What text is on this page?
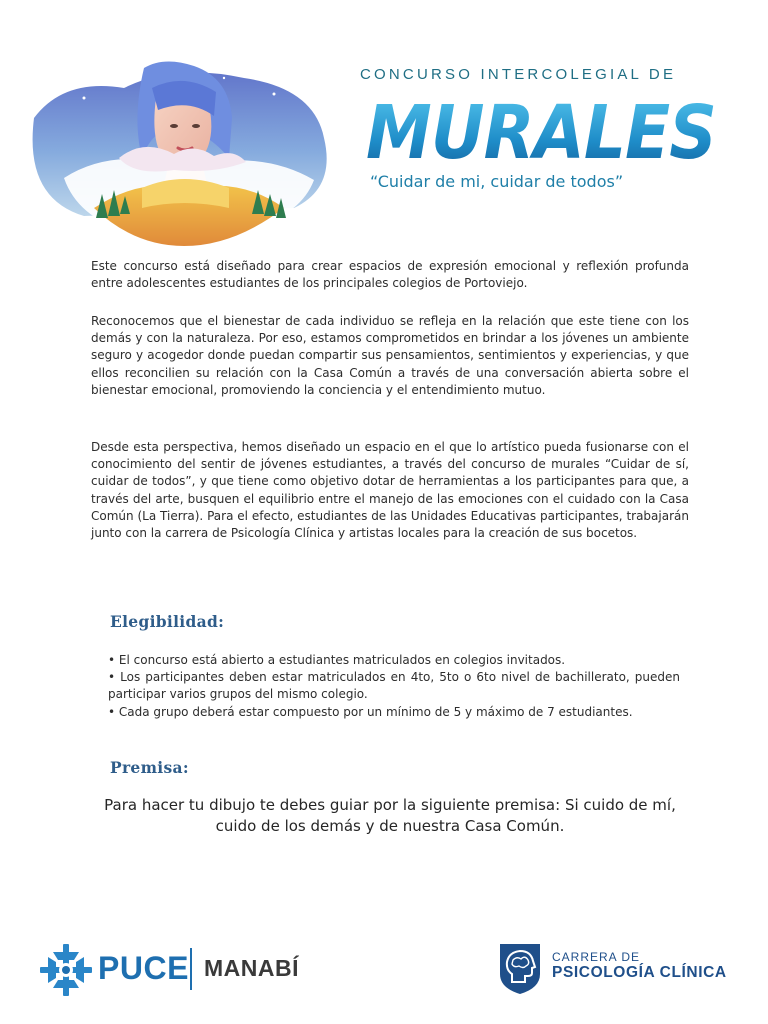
CONCURSO INTERCOLEGIAL DE
MURALES
“Cuidar de mi, cuidar de todos”
Este concurso está diseñado para crear espacios de expresión emocional y reflexión profunda entre adolescentes estudiantes de los principales colegios de Portoviejo.
Reconocemos que el bienestar de cada individuo se refleja en la relación que este tiene con los demás y con la naturaleza. Por eso, estamos comprometidos en brindar a los jóvenes un ambiente seguro y acogedor donde puedan compartir sus pensamientos, sentimientos y experiencias, y que ellos reconcilien su relación con la Casa Común a través de una conversación abierta sobre el bienestar emocional, promoviendo la conciencia y el entendimiento mutuo.
Desde esta perspectiva, hemos diseñado un espacio en el que lo artístico pueda fusionarse con el conocimiento del sentir de jóvenes estudiantes, a través del concurso de murales “Cuidar de sí, cuidar de todos”, y que tiene como objetivo dotar de herramientas a los participantes para que, a través del arte, busquen el equilibrio entre el manejo de las emociones con el cuidado con la Casa Común (La Tierra). Para el efecto, estudiantes de las Unidades Educativas participantes, trabajarán junto con la carrera de Psicología Clínica y artistas locales para la creación de sus bocetos.
Elegibilidad:
• El concurso está abierto a estudiantes matriculados en colegios invitados.
• Los participantes deben estar matriculados en 4to, 5to o 6to nivel de bachillerato, pueden participar varios grupos del mismo colegio.
• Cada grupo deberá estar compuesto por un mínimo de 5 y máximo de 7 estudiantes.
Premisa:
Para hacer tu dibujo te debes guiar por la siguiente premisa: Si cuido de mí, cuido de los demás y de nuestra Casa Común.
PUCE MANABÍ	CARRERA DE
PSICOLOGÍA CLÍNICA
